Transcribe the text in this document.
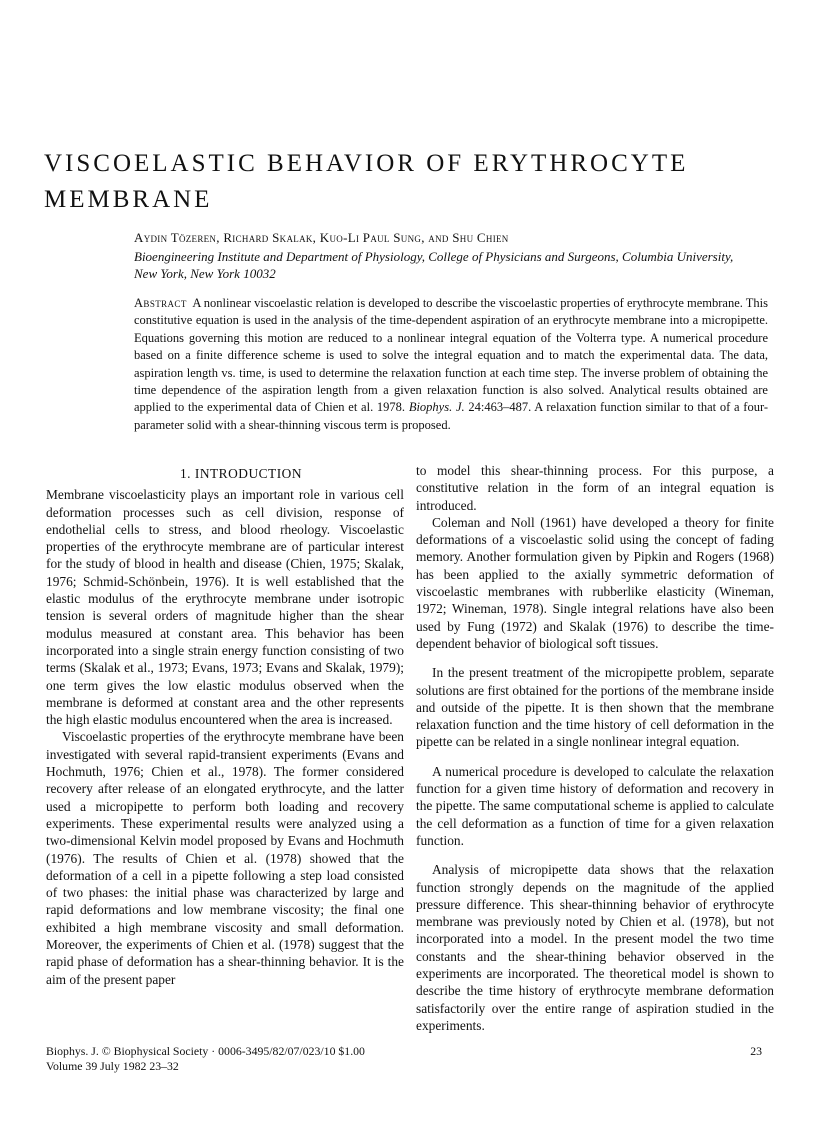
VISCOELASTIC BEHAVIOR OF ERYTHROCYTE MEMBRANE
Aydin Tözeren, Richard Skalak, Kuo-Li Paul Sung, and Shu Chien
Bioengineering Institute and Department of Physiology, College of Physicians and Surgeons, Columbia University, New York, New York 10032
Abstract A nonlinear viscoelastic relation is developed to describe the viscoelastic properties of erythrocyte membrane. This constitutive equation is used in the analysis of the time-dependent aspiration of an erythrocyte membrane into a micropipette. Equations governing this motion are reduced to a nonlinear integral equation of the Volterra type. A numerical procedure based on a finite difference scheme is used to solve the integral equation and to match the experimental data. The data, aspiration length vs. time, is used to determine the relaxation function at each time step. The inverse problem of obtaining the time dependence of the aspiration length from a given relaxation function is also solved. Analytical results obtained are applied to the experimental data of Chien et al. 1978. Biophys. J. 24:463–487. A relaxation function similar to that of a four-parameter solid with a shear-thinning viscous term is proposed.
1. INTRODUCTION

Membrane viscoelasticity plays an important role in various cell deformation processes such as cell division, response of endothelial cells to stress, and blood rheology. Viscoelastic properties of the erythrocyte membrane are of particular interest for the study of blood in health and disease (Chien, 1975; Skalak, 1976; Schmid-Schönbein, 1976). It is well established that the elastic modulus of the erythrocyte membrane under isotropic tension is several orders of magnitude higher than the shear modulus measured at constant area. This behavior has been incorporated into a single strain energy function consisting of two terms (Skalak et al., 1973; Evans, 1973; Evans and Skalak, 1979); one term gives the low elastic modulus observed when the membrane is deformed at constant area and the other represents the high elastic modulus encountered when the area is increased.

Viscoelastic properties of the erythrocyte membrane have been investigated with several rapid-transient experiments (Evans and Hochmuth, 1976; Chien et al., 1978). The former considered recovery after release of an elongated erythrocyte, and the latter used a micropipette to perform both loading and recovery experiments. These experimental results were analyzed using a two-dimensional Kelvin model proposed by Evans and Hochmuth (1976). The results of Chien et al. (1978) showed that the deformation of a cell in a pipette following a step load consisted of two phases: the initial phase was characterized by large and rapid deformations and low membrane viscosity; the final one exhibited a high membrane viscosity and small deformation. Moreover, the experiments of Chien et al. (1978) suggest that the rapid phase of deformation has a shear-thinning behavior. It is the aim of the present paper

to model this shear-thinning process. For this purpose, a constitutive relation in the form of an integral equation is introduced.

Coleman and Noll (1961) have developed a theory for finite deformations of a viscoelastic solid using the concept of fading memory. Another formulation given by Pipkin and Rogers (1968) has been applied to the axially symmetric deformation of viscoelastic membranes with rubberlike elasticity (Wineman, 1972; Wineman, 1978). Single integral relations have also been used by Fung (1972) and Skalak (1976) to describe the time-dependent behavior of biological soft tissues.

In the present treatment of the micropipette problem, separate solutions are first obtained for the portions of the membrane inside and outside of the pipette. It is then shown that the membrane relaxation function and the time history of cell deformation in the pipette can be related in a single nonlinear integral equation.

A numerical procedure is developed to calculate the relaxation function for a given time history of deformation and recovery in the pipette. The same computational scheme is applied to calculate the cell deformation as a function of time for a given relaxation function.

Analysis of micropipette data shows that the relaxation function strongly depends on the magnitude of the applied pressure difference. This shear-thinning behavior of erythrocyte membrane was previously noted by Chien et al. (1978), but not incorporated into a model. In the present model the two time constants and the shear-thining behavior observed in the experiments are incorporated. The theoretical model is shown to describe the time history of erythrocyte membrane deformation satisfactorily over the entire range of aspiration studied in the experiments.

Biophys. J. © Biophysical Society · 0006-3495/82/07/023/10 $1.00
Volume 39 July 1982 23–32
23
